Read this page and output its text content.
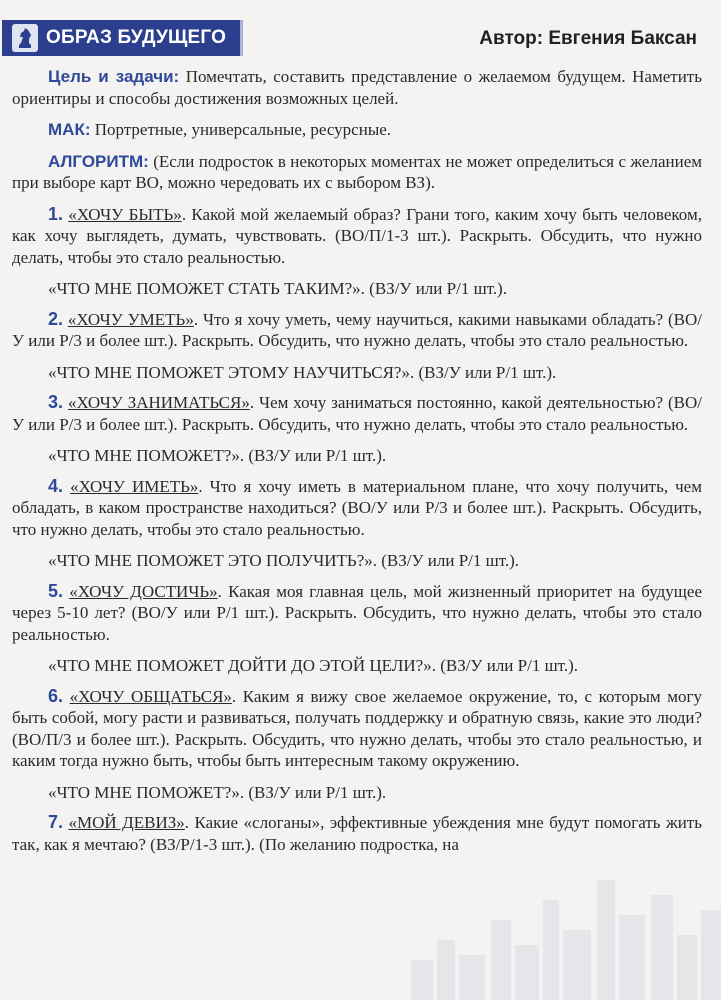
ОБРАЗ БУДУЩЕГО	Автор: Евгения Баксан

Цель и задачи: Помечтать, составить представление о желаемом будущем. Наметить ориентиры и способы достижения возможных целей.

МАК: Портретные, универсальные, ресурсные.

АЛГОРИТМ: (Если подросток в некоторых моментах не может определиться с желанием при выборе карт ВО, можно чередовать их с выбором ВЗ).

1. «ХОЧУ БЫТЬ». Какой мой желаемый образ? Грани того, каким хочу быть человеком, как хочу выглядеть, думать, чувствовать. (ВО/П/1-3 шт.). Раскрыть. Обсудить, что нужно делать, чтобы это стало реальностью.

«ЧТО МНЕ ПОМОЖЕТ СТАТЬ ТАКИМ?». (ВЗ/У или Р/1 шт.).

2. «ХОЧУ УМЕТЬ». Что я хочу уметь, чему научиться, какими навыками обладать? (ВО/У или Р/3 и более шт.). Раскрыть. Обсудить, что нужно делать, чтобы это стало реальностью.

«ЧТО МНЕ ПОМОЖЕТ ЭТОМУ НАУЧИТЬСЯ?». (ВЗ/У или Р/1 шт.).

3. «ХОЧУ ЗАНИМАТЬСЯ». Чем хочу заниматься постоянно, какой деятельностью? (ВО/У или Р/3 и более шт.). Раскрыть. Обсудить, что нужно делать, чтобы это стало реальностью.

«ЧТО МНЕ ПОМОЖЕТ?». (ВЗ/У или Р/1 шт.).

4. «ХОЧУ ИМЕТЬ». Что я хочу иметь в материальном плане, что хочу получить, чем обладать, в каком пространстве находиться? (ВО/У или Р/3 и более шт.). Раскрыть. Обсудить, что нужно делать, чтобы это стало реальностью.

«ЧТО МНЕ ПОМОЖЕТ ЭТО ПОЛУЧИТЬ?». (ВЗ/У или Р/1 шт.).

5. «ХОЧУ ДОСТИЧЬ». Какая моя главная цель, мой жизненный приоритет на будущее через 5-10 лет? (ВО/У или Р/1 шт.). Раскрыть. Обсудить, что нужно делать, чтобы это стало реальностью.

«ЧТО МНЕ ПОМОЖЕТ ДОЙТИ ДО ЭТОЙ ЦЕЛИ?». (ВЗ/У или Р/1 шт.).

6. «ХОЧУ ОБЩАТЬСЯ». Каким я вижу свое желаемое окружение, то, с которым могу быть собой, могу расти и развиваться, получать поддержку и обратную связь, какие это люди? (ВО/П/3 и более шт.). Раскрыть. Обсудить, что нужно делать, чтобы это стало реальностью, и каким тогда нужно быть, чтобы быть интересным такому окружению.

«ЧТО МНЕ ПОМОЖЕТ?». (ВЗ/У или Р/1 шт.).

7. «МОЙ ДЕВИЗ». Какие «слоганы», эффективные убеждения мне будут помогать жить так, как я мечтаю? (ВЗ/Р/1-3 шт.). (По желанию подростка, на
